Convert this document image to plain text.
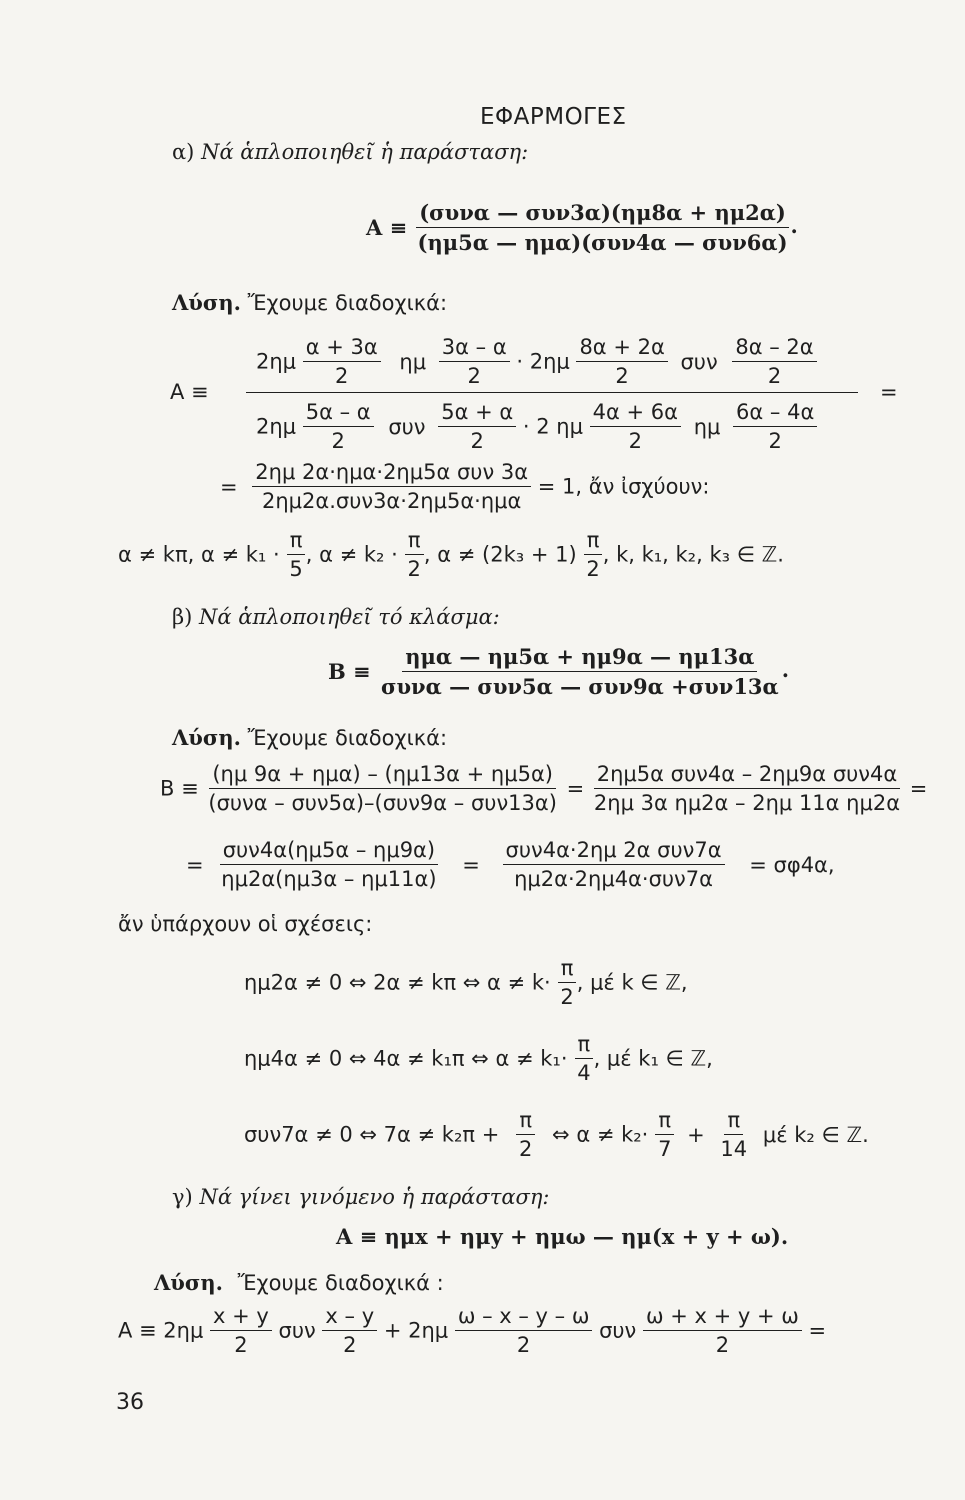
ΕΦΑΡΜΟΓΕΣ
α) Νά ἁπλοποιηθεῖ ἡ παράσταση:
$A \equiv \frac{\text{(συνα — συν3α)(ημ8α + ημ2α)}}{\text{(ημ5α — ημα)(συν4α — συν6α)}}$ .
Λύση. Ἔχουμε διαδοχικά:
A ≡
$2\eta\mu \frac{\alpha + 3\alpha}{2}$ ημ $\frac{3\alpha - \alpha}{2} \cdot 2\eta\mu \frac{8\alpha + 2\alpha}{2}$ συν $\frac{8\alpha - 2\alpha}{2}$
$2\eta\mu \frac{5\alpha - \alpha}{2}$ συν $\frac{5\alpha + \alpha}{2} \cdot 2$ ημ $\frac{4\alpha + 6\alpha}{2}$ ημ $\frac{6\alpha - 4\alpha}{2}$
=
= $\frac{\text{2ημ 2α·ημα·2ημ5α συν 3α}}{\text{2ημ2α.συν3α·2ημ5α·ημα}} = 1$, ἄν ἰσχύουν:
α ≠ kπ, $\alpha \ne k_1 \cdot \frac{\pi}{5}$ , $\alpha \ne k_2 \cdot \frac{\pi}{2}$ , $\alpha \ne (2k_3 + 1) \frac{\pi}{2}$ , k, k₁, k₂, k₃ ∈ ℤ.
β) Νά ἁπλοποιηθεῖ τό κλάσμα:
$B \equiv \frac{\text{ημα — ημ5α + ημ9α — ημ13α}}{\text{συνα — συν5α — συν9α +συν13α}}$ .
Λύση. Ἔχουμε διαδοχικά:
$B \equiv \frac{\text{(ημ 9α + ημα) – (ημ13α + ημ5α)}}{\text{(συνα – συν5α)–(συν9α – συν13α)}} = \frac{\text{2ημ5α συν4α – 2ημ9α συν4α}}{\text{2ημ 3α ημ2α – 2ημ 11α ημ2α}}$ =
= $\frac{\text{συν4α(ημ5α – ημ9α)}}{\eta\mu 2\alpha(\eta\mu 3\alpha - \eta\mu 11\alpha)} = \frac{\text{συν4α·2ημ 2α συν7α}}{\text{ημ2α·2ημ4α·συν7α}} = \sigma\varphi 4\alpha$,
ἄν ὑπάρχουν οἱ σχέσεις:
ημ2α ≠ 0 ⇔ 2α ≠ kπ ⇔ $\alpha \ne k\cdot \frac{\pi}{2}$ , μέ k ∈ ℤ,
ημ4α ≠ 0 ⇔ 4α ≠ k₁π ⇔ $\alpha \ne k_1\cdot \frac{\pi}{4}$ , μέ k₁ ∈ ℤ,
συν7α ≠ 0 ⇔ $7\alpha \ne k_2\pi + \frac{\pi}{2}$ ⇔ $\alpha \ne k_2\cdot \frac{\pi}{7} + \frac{\pi}{14}$ μέ k₂ ∈ ℤ.
γ) Νά γίνει γινόμενο ἡ παράσταση:
A ≡ ημx + ημy + ημω — ημ(x + y + ω).
Λύση. Ἔχουμε διαδοχικά :
$A \equiv 2\eta\mu \frac{x + y}{2}$ συν $\frac{x - y}{2} + 2\eta\mu \frac{\omega - x - y - \omega}{2}$ συν $\frac{\omega + x + y + \omega}{2}$ =
36
